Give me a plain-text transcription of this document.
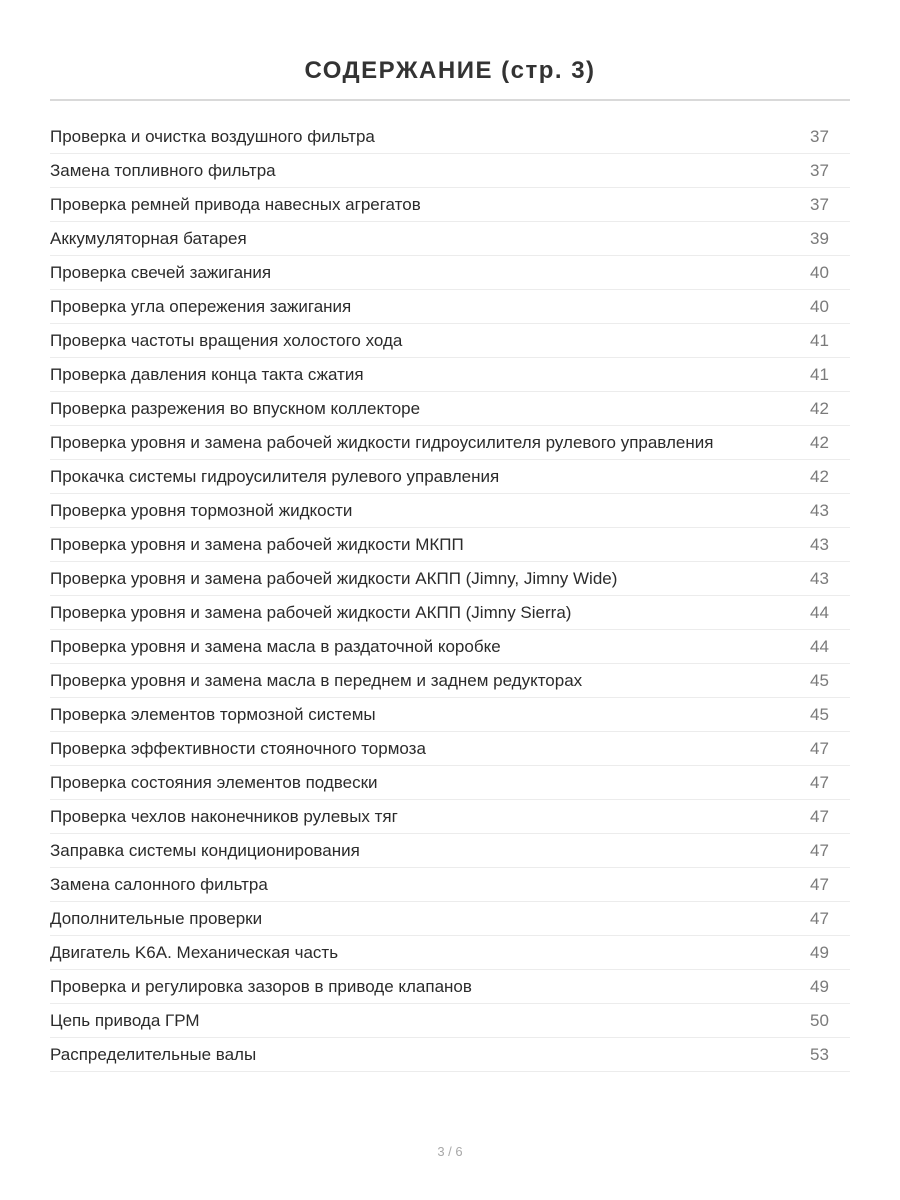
СОДЕРЖАНИЕ (стр. 3)
Проверка и очистка воздушного фильтра	37
Замена топливного фильтра	37
Проверка ремней привода навесных агрегатов	37
Аккумуляторная батарея	39
Проверка свечей зажигания	40
Проверка угла опережения зажигания	40
Проверка частоты вращения холостого хода	41
Проверка давления конца такта сжатия	41
Проверка разрежения во впускном коллекторе	42
Проверка уровня и замена рабочей жидкости гидроусилителя рулевого управления	42
Прокачка системы гидроусилителя рулевого управления	42
Проверка уровня тормозной жидкости	43
Проверка уровня и замена рабочей жидкости МКПП	43
Проверка уровня и замена рабочей жидкости АКПП (Jimny, Jimny Wide)	43
Проверка уровня и замена рабочей жидкости АКПП (Jimny Sierra)	44
Проверка уровня и замена масла в раздаточной коробке	44
Проверка уровня и замена масла в переднем и заднем редукторах	45
Проверка элементов тормозной системы	45
Проверка эффективности стояночного тормоза	47
Проверка состояния элементов подвески	47
Проверка чехлов наконечников рулевых тяг	47
Заправка системы кондиционирования	47
Замена салонного фильтра	47
Дополнительные проверки	47
Двигатель K6A. Механическая часть	49
Проверка и регулировка зазоров в приводе клапанов	49
Цепь привода ГРМ	50
Распределительные валы	53
3 / 6
